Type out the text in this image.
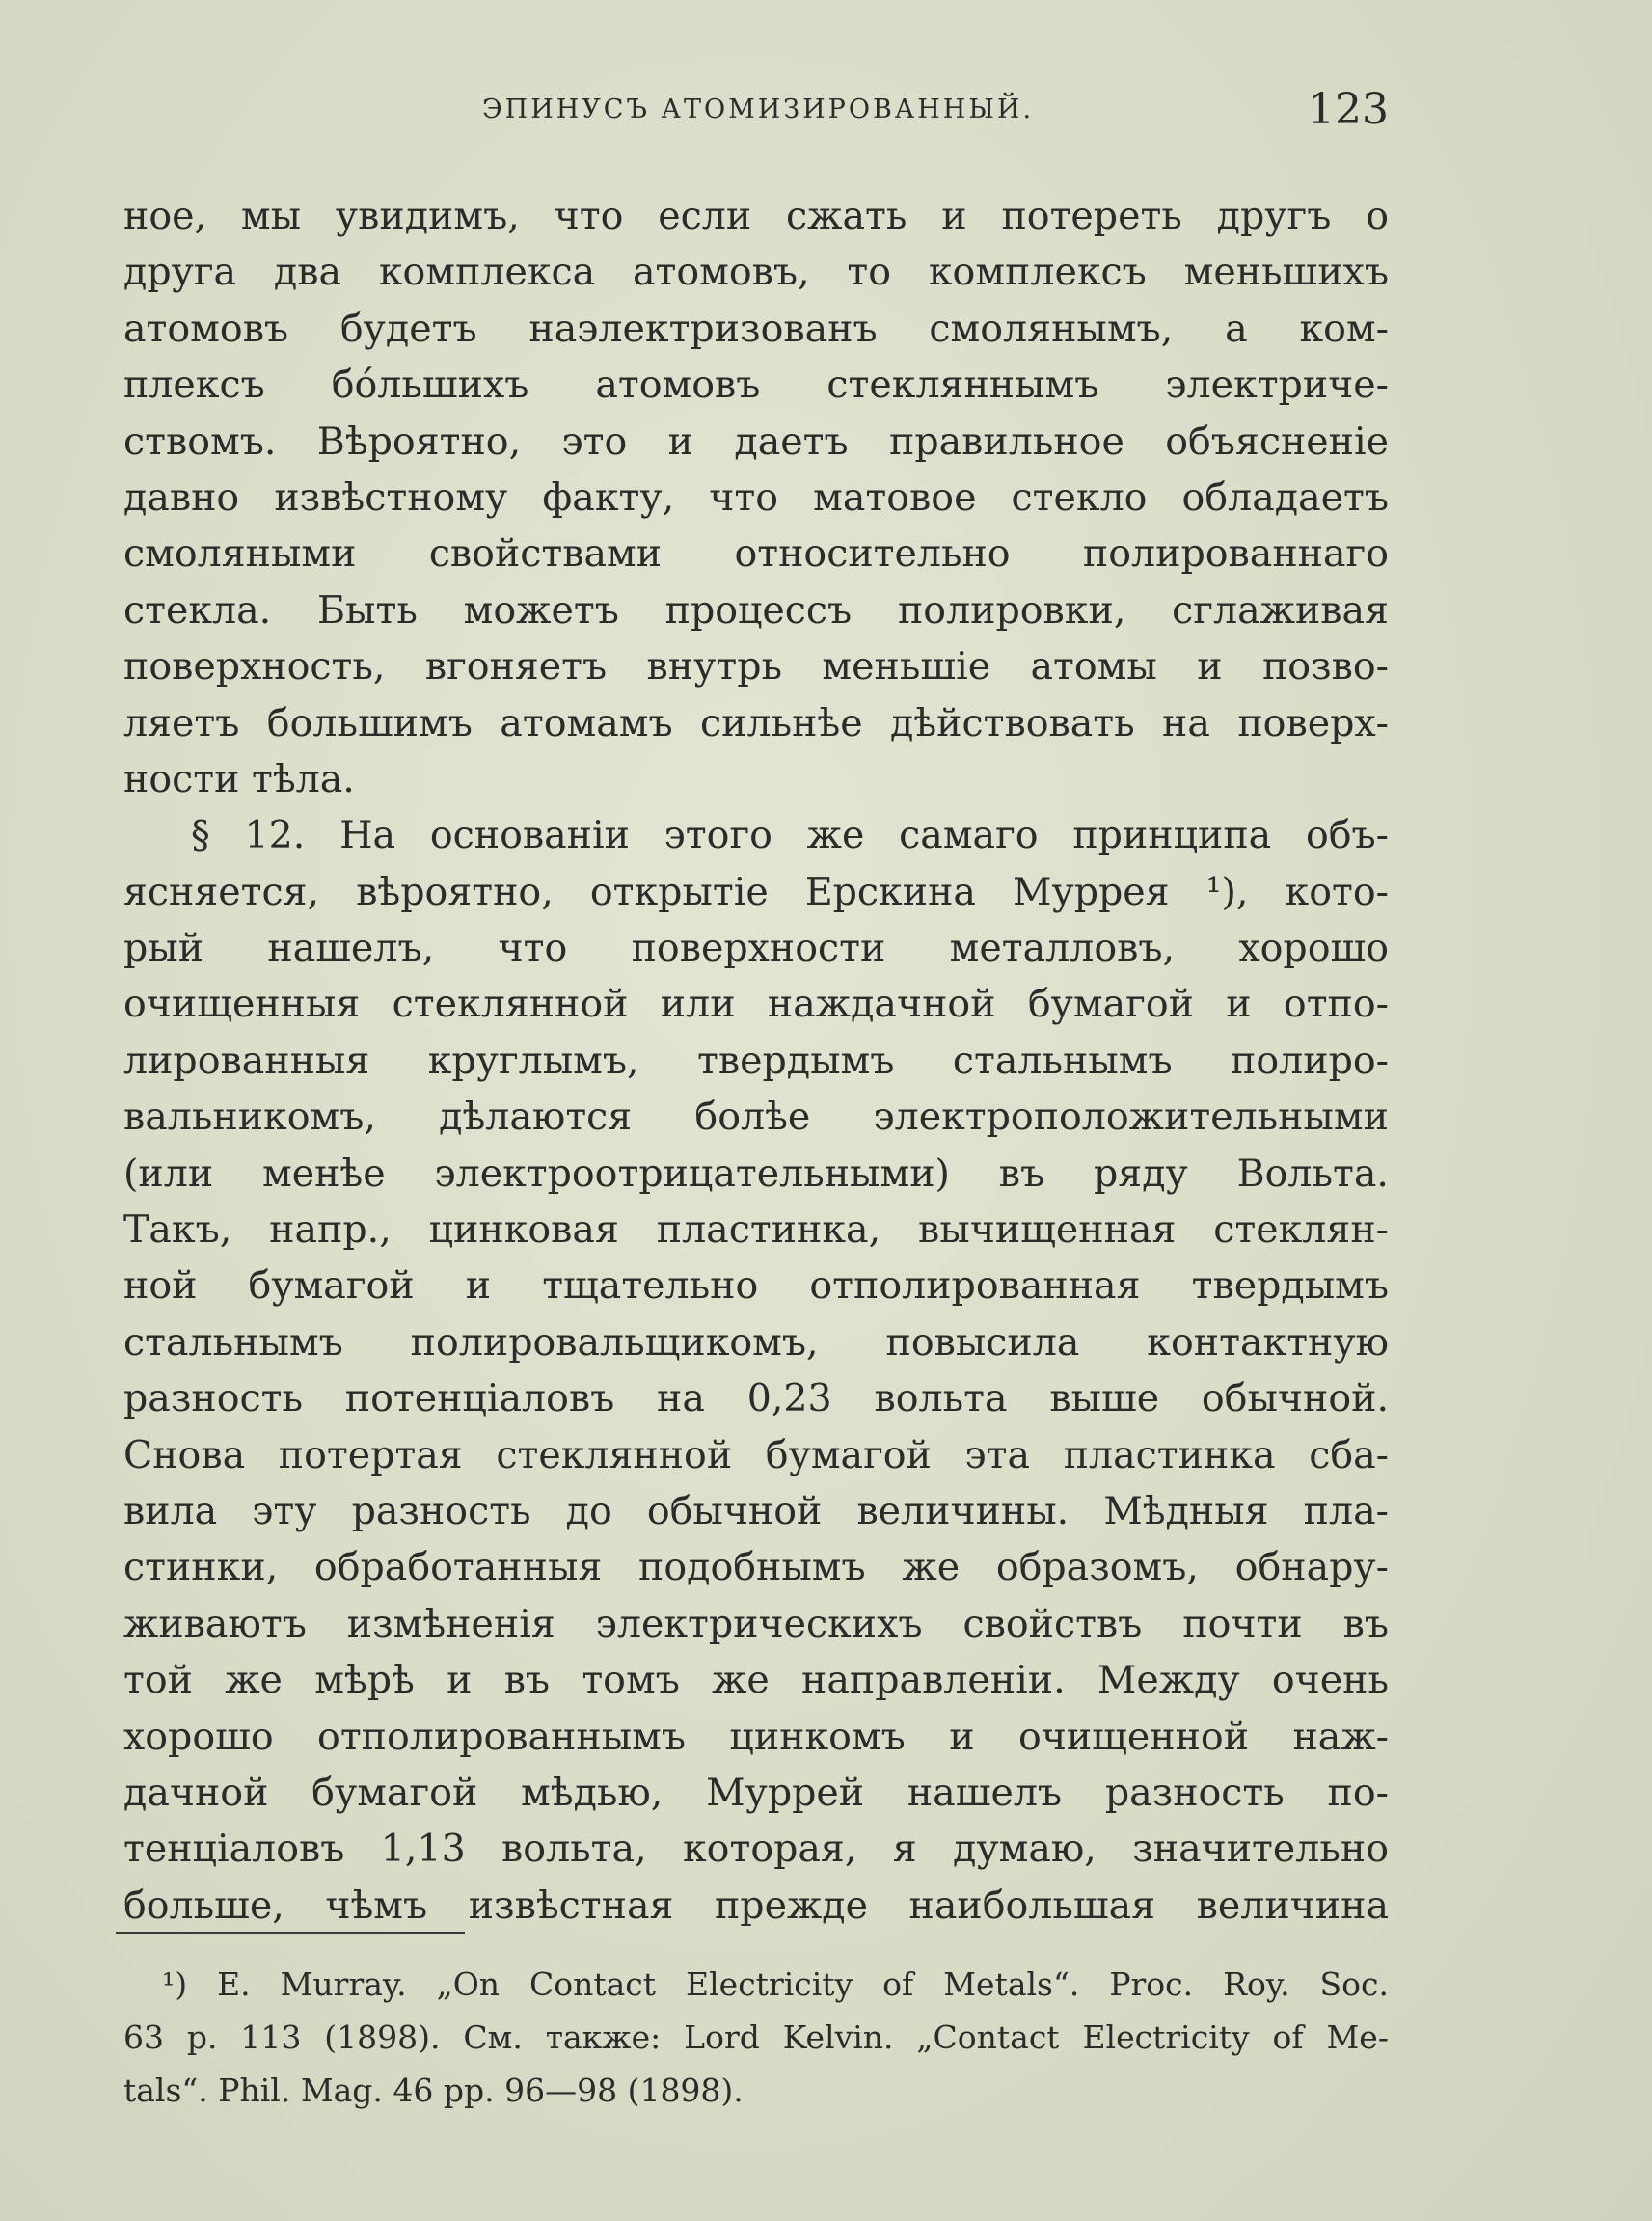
ЭПИНУСЪ АТОМИЗИРОВАННЫЙ.	123
ное, мы увидимъ, что если сжать и потереть другъ о
друга два комплекса атомовъ, то комплексъ меньшихъ
атомовъ будетъ наэлектризованъ смолянымъ, а ком-
плексъ бо́льшихъ атомовъ стекляннымъ электриче-
ствомъ. Вѣроятно, это и даетъ правильное объясненіе
давно извѣстному факту, что матовое стекло обладаетъ
смоляными свойствами относительно полированнаго
стекла. Быть можетъ процессъ полировки, сглаживая
поверхность, вгоняетъ внутрь меньшіе атомы и позво-
ляетъ большимъ атомамъ сильнѣе дѣйствовать на поверх-
ности тѣла.
§ 12. На основаніи этого же самаго принципа объ-
ясняется, вѣроятно, открытіе Ерскина Муррея ¹), кото-
рый нашелъ, что поверхности металловъ, хорошо
очищенныя стеклянной или наждачной бумагой и отпо-
лированныя круглымъ, твердымъ стальнымъ полиро-
вальникомъ, дѣлаются болѣе электроположительными
(или менѣе электроотрицательными) въ ряду Вольта.
Такъ, напр., цинковая пластинка, вычищенная стеклян-
ной бумагой и тщательно отполированная твердымъ
стальнымъ полировальщикомъ, повысила контактную
разность потенціаловъ на 0,23 вольта выше обычной.
Снова потертая стеклянной бумагой эта пластинка сба-
вила эту разность до обычной величины. Мѣдныя пла-
стинки, обработанныя подобнымъ же образомъ, обнару-
живаютъ измѣненія электрическихъ свойствъ почти въ
той же мѣрѣ и въ томъ же направленіи. Между очень
хорошо отполированнымъ цинкомъ и очищенной наж-
дачной бумагой мѣдью, Муррей нашелъ разность по-
тенціаловъ 1,13 вольта, которая, я думаю, значительно
больше, чѣмъ извѣстная прежде наибольшая величина
¹) E. Murray. „On Contact Electricity of Metals“. Proc. Roy. Soc.
63 p. 113 (1898). См. также: Lord Kelvin. „Contact Electricity of Me-
tals“. Phil. Mag. 46 pp. 96—98 (1898).
